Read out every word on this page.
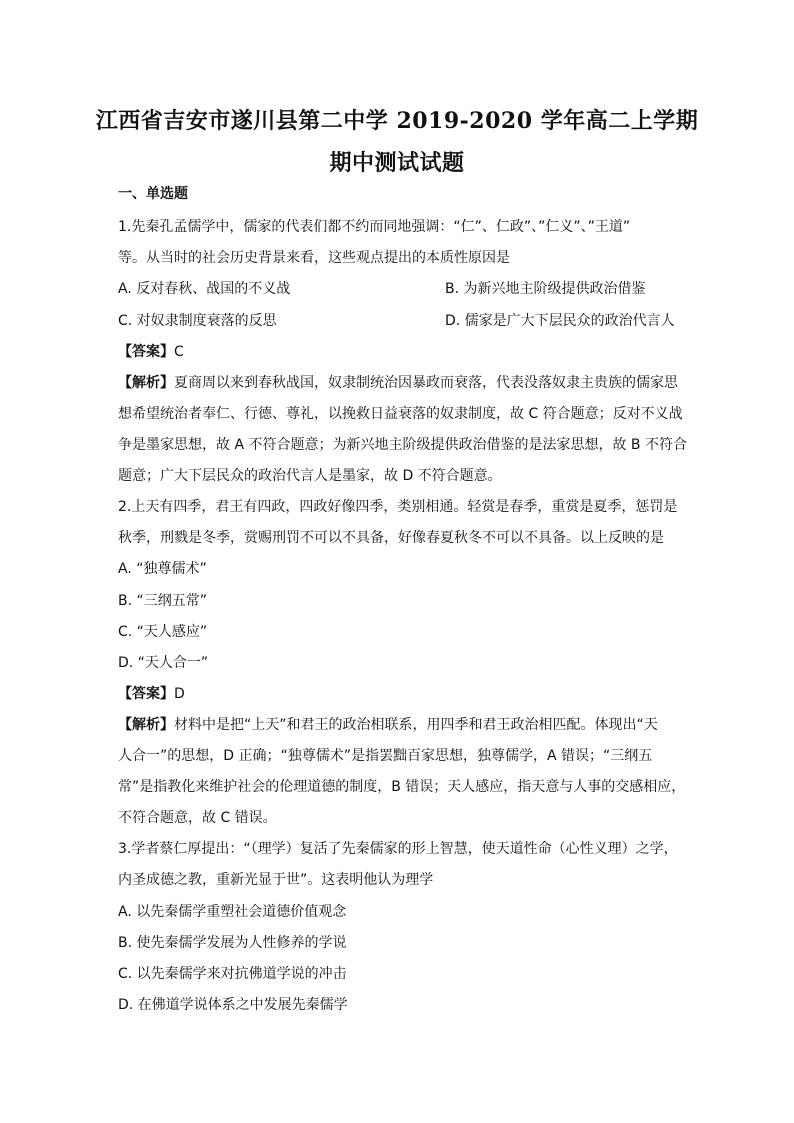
江西省吉安市遂川县第二中学 2019-2020 学年高二上学期
期中测试试题
一、单选题
1.先秦孔孟儒学中，儒家的代表们都不约而同地强调：“仁”、仁政”、”仁义”、”王道”
等。从当时的社会历史背景来看，这些观点提出的本质性原因是
A. 反对春秋、战国的不义战	B. 为新兴地主阶级提供政治借鉴
C. 对奴隶制度衰落的反思	D. 儒家是广大下层民众的政治代言人
【答案】C
【解析】夏商周以来到春秋战国，奴隶制统治因暴政而衰落，代表没落奴隶主贵族的儒家思
想希望统治者奉仁、行德、尊礼，以挽救日益衰落的奴隶制度，故 C 符合题意；反对不义战
争是墨家思想，故 A 不符合题意；为新兴地主阶级提供政治借鉴的是法家思想，故 B 不符合
题意；广大下层民众的政治代言人是墨家，故 D 不符合题意。
2.上天有四季，君王有四政，四政好像四季，类别相通。轻赏是春季，重赏是夏季，惩罚是
秋季，刑戮是冬季，赏赐刑罚不可以不具备，好像春夏秋冬不可以不具备。以上反映的是
A. “独尊儒术”
B. “三纲五常”
C. “天人感应”
D. “天人合一”
【答案】D
【解析】材料中是把“上天”和君王的政治相联系，用四季和君王政治相匹配。体现出“天
人合一”的思想，D 正确；“独尊儒术”是指罢黜百家思想，独尊儒学，A 错误；“三纲五
常”是指教化来维护社会的伦理道德的制度，B 错误；天人感应，指天意与人事的交感相应，
不符合题意，故 C 错误。
3.学者蔡仁厚提出：“（理学）复活了先秦儒家的形上智慧，使天道性命（心性义理）之学，
内圣成德之教，重新光显于世”。这表明他认为理学
A. 以先秦儒学重塑社会道德价值观念
B. 使先秦儒学发展为人性修养的学说
C. 以先秦儒学来对抗佛道学说的冲击
D. 在佛道学说体系之中发展先秦儒学
